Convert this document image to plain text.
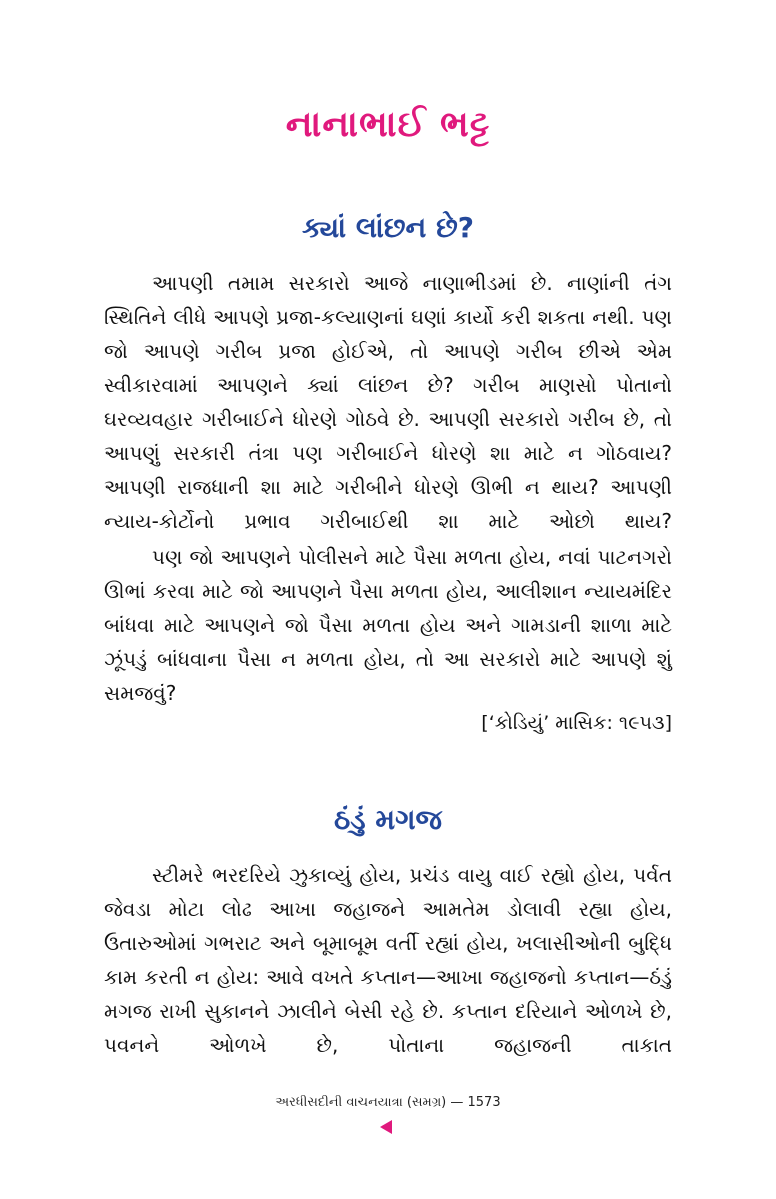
નાનાભાઈ ભટ્ટ
ક્યાં લાંછન છે?

આપણી તમામ સરકારો આજે નાણાભીડમાં છે. નાણાંની તંગ સ્થિતિને લીધે આપણે પ્રજા-કલ્યાણનાં ઘણાં કાર્યો કરી શકતા નથી. પણ જો આપણે ગરીબ પ્રજા હોઈએ, તો આપણે ગરીબ છીએ એમ સ્વીકારવામાં આપણને ક્યાં લાંછન છે? ગરીબ માણસો પોતાનો ઘરવ્યવહાર ગરીબાઈને ધોરણે ગોઠવે છે. આપણી સરકારો ગરીબ છે, તો આપણું સરકારી તંત્રા પણ ગરીબાઈને ધોરણે શા માટે ન ગોઠવાય? આપણી રાજધાની શા માટે ગરીબીને ધોરણે ઊભી ન થાય? આપણી ન્યાય-કોર્ટોનો પ્રભાવ ગરીબાઈથી શા માટે ઓછો થાય?

પણ જો આપણને પોલીસને માટે પૈસા મળતા હોય, નવાં પાટનગરો ઊભાં કરવા માટે જો આપણને પૈસા મળતા હોય, આલીશાન ન્યાયમંદિર બાંધવા માટે આપણને જો પૈસા મળતા હોય અને ગામડાની શાળા માટે ઝૂંપડું બાંધવાના પૈસા ન મળતા હોય, તો આ સરકારો માટે આપણે શું સમજવું?

[‘કોડિયું’ માસિક: ૧૯૫૩]
ઠંડું મગજ

સ્ટીમરે ભરદરિયે ઝુકાવ્યું હોય, પ્રચંડ વાયુ વાઈ રહ્યો હોય, પર્વત જેવડા મોટા લોઢ આખા જહાજને આમતેમ ડોલાવી રહ્યા હોય, ઉતારુઓમાં ગભરાટ અને બૂમાબૂમ વર્તી રહ્યાં હોય, ખલાસીઓની બુદ્ધિ કામ કરતી ન હોય: આવે વખતે કપ્તાન—આખા જહાજનો કપ્તાન—ઠંડું મગજ રાખી સુકાનને ઝાલીને બેસી રહે છે. કપ્તાન દરિયાને ઓળખે છે, પવનને ઓળખે છે, પોતાના જહાજની તાકાત

અરધીસદીની વાચનયાત્રા (સમગ્ર) — 1573
